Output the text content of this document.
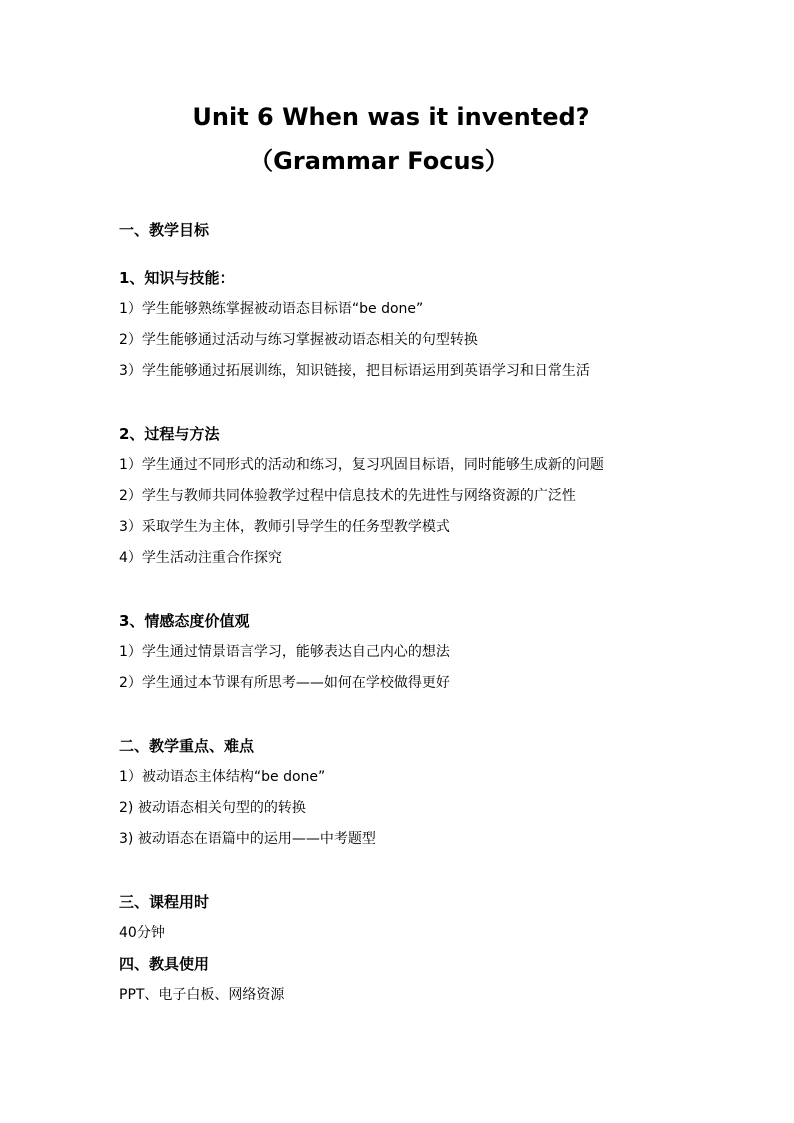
Unit 6 When was it invented?
（Grammar Focus）
一、教学目标
1、知识与技能：
1）学生能够熟练掌握被动语态目标语“be done”
2）学生能够通过活动与练习掌握被动语态相关的句型转换
3）学生能够通过拓展训练，知识链接，把目标语运用到英语学习和日常生活
2、过程与方法
1）学生通过不同形式的活动和练习，复习巩固目标语，同时能够生成新的问题
2）学生与教师共同体验教学过程中信息技术的先进性与网络资源的广泛性
3）采取学生为主体，教师引导学生的任务型教学模式
4）学生活动注重合作探究
3、情感态度价值观
1）学生通过情景语言学习，能够表达自己内心的想法
2）学生通过本节课有所思考——如何在学校做得更好
二、教学重点、难点
1）被动语态主体结构“be done”
2) 被动语态相关句型的的转换
3) 被动语态在语篇中的运用——中考题型
三、课程用时
40分钟
四、教具使用
PPT、电子白板、网络资源
